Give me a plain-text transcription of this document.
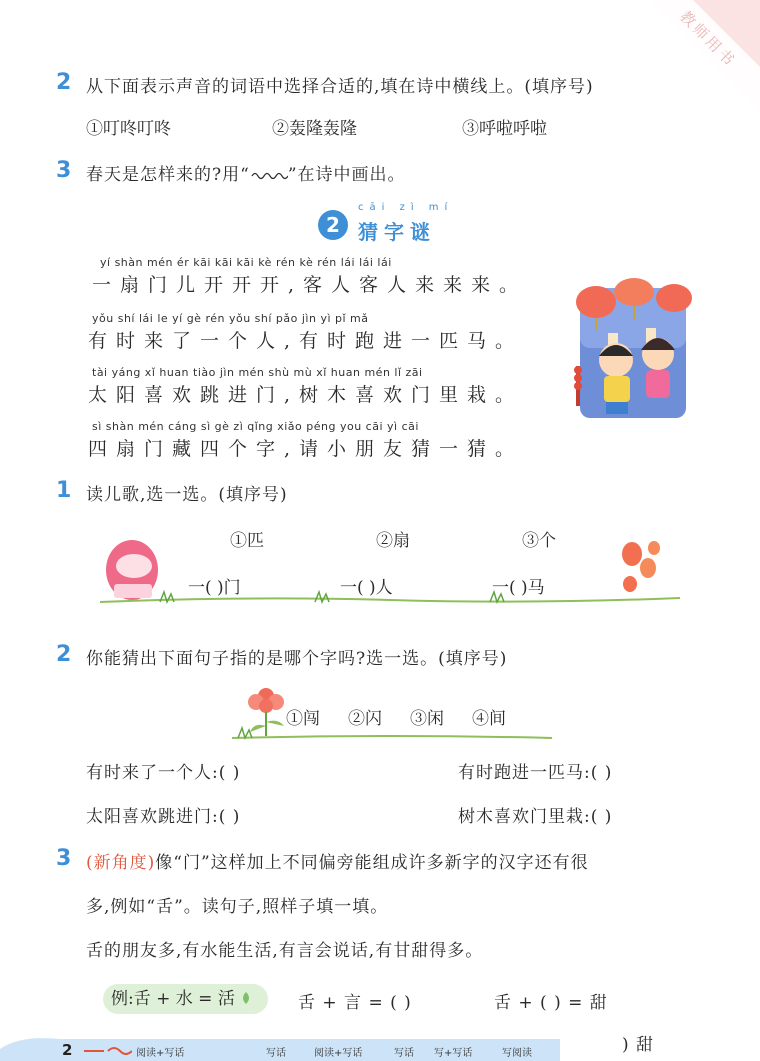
教师用书
2 从下面表示声音的词语中选择合适的,填在诗中横线上。(填序号)
①叮咚叮咚	②轰隆轰隆	③呼啦呼啦
3 春天是怎样来的?用“ ”在诗中画出。
2
cāi zì mí
猜字谜
yí shàn mén ér kāi kāi kāi kè rén kè rén lái lái lái
一扇门儿开开开,客人客人来来来。
yǒu shí lái le yí gè rén yǒu shí pǎo jìn yì pǐ mǎ
有时来了一个人,有时跑进一匹马。
tài yáng xǐ huan tiào jìn mén shù mù xǐ huan mén lǐ zāi
太阳喜欢跳进门,树木喜欢门里栽。
sì shàn mén cáng sì gè zì qǐng xiǎo péng you cāi yì cāi
四扇门藏四个字,请小朋友猜一猜。
1 读儿歌,选一选。(填序号)
①匹	②扇	③个
一( )门	一( )人	一( )马
2 你能猜出下面句子指的是哪个字吗?选一选。(填序号)
①闯 ②闪 ③闲 ④间
有时来了一个人:( )	有时跑进一匹马:( )
太阳喜欢跳进门:( )	树木喜欢门里栽:( )
3 (新角度)像“门”这样加上不同偏旁能组成许多新字的汉字还有很
多,例如“舌”。读句子,照样子填一填。
舌的朋友多,有水能生活,有言会说话,有甘甜得多。
例:舌 + 水 = 活	舌 + 言 = ( )	舌 + ( ) = 甜
) 甜
2	阅读+写话	写话	阅读+写话	写话 写+写话	写阅读
